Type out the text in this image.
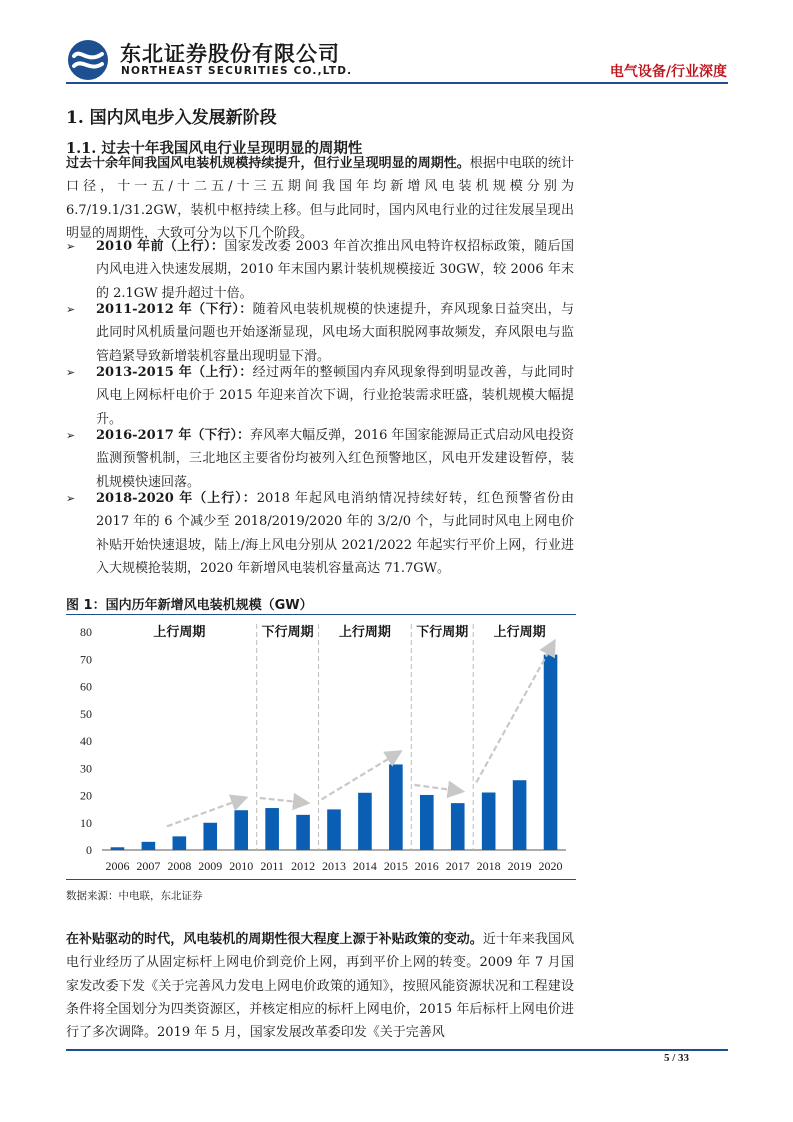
东北证券股份有限公司
NORTHEAST SECURITIES CO.,LTD.	电气设备/行业深度
1. 国内风电步入发展新阶段
1.1. 过去十年我国风电行业呈现明显的周期性

过去十余年间我国风电装机规模持续提升，但行业呈现明显的周期性。根据中电联的统计口径，十一五/十二五/十三五期间我国年均新增风电装机规模分别为6.7/19.1/31.2GW，装机中枢持续上移。但与此同时，国内风电行业的过往发展呈现出明显的周期性，大致可分为以下几个阶段。

➢ 2010 年前（上行）：国家发改委 2003 年首次推出风电特许权招标政策，随后国内风电进入快速发展期，2010 年末国内累计装机规模接近 30GW，较 2006 年末的 2.1GW 提升超过十倍。
➢ 2011-2012 年（下行）：随着风电装机规模的快速提升，弃风现象日益突出，与此同时风机质量问题也开始逐渐显现，风电场大面积脱网事故频发，弃风限电与监管趋紧导致新增装机容量出现明显下滑。
➢ 2013-2015 年（上行）：经过两年的整顿国内弃风现象得到明显改善，与此同时风电上网标杆电价于 2015 年迎来首次下调，行业抢装需求旺盛，装机规模大幅提升。
➢ 2016-2017 年（下行）：弃风率大幅反弹，2016 年国家能源局正式启动风电投资监测预警机制，三北地区主要省份均被列入红色预警地区，风电开发建设暂停，装机规模快速回落。
➢ 2018-2020 年（上行）：2018 年起风电消纳情况持续好转，红色预警省份由 2017 年的 6 个减少至 2018/2019/2020 年的 3/2/0 个，与此同时风电上网电价补贴开始快速退坡，陆上/海上风电分别从 2021/2022 年起实行平价上网，行业进入大规模抢装期，2020 年新增风电装机容量高达 71.7GW。
图 1：国内历年新增风电装机规模（GW）
0
10
20
30
40
50
60
70
80	上行周期	下行周期 上行周期 下行周期 上行周期
2006 2007 2008 2009 2010 2011 2012 2013 2014 2015 2016 2017 2018 2019 2020
数据来源：中电联，东北证券

在补贴驱动的时代，风电装机的周期性很大程度上源于补贴政策的变动。近十年来我国风电行业经历了从固定标杆上网电价到竞价上网，再到平价上网的转变。2009 年 7 月国家发改委下发《关于完善风力发电上网电价政策的通知》，按照风能资源状况和工程建设条件将全国划分为四类资源区，并核定相应的标杆上网电价，2015 年后标杆上网电价进行了多次调降。2019 年 5 月，国家发展改革委印发《关于完善风

5 / 33
